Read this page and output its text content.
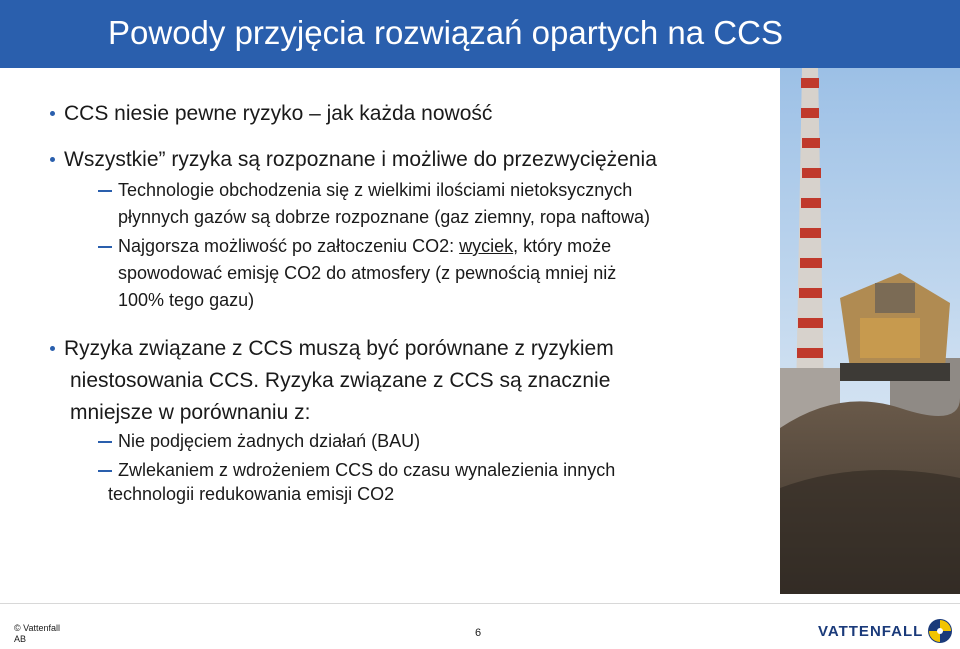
Powody przyjęcia rozwiązań opartych na CCS
CCS niesie pewne ryzyko – jak każda nowość
Wszystkie” ryzyka są rozpoznane i możliwe do przezwyciężenia
Technologie obchodzenia się z wielkimi ilościami nietoksycznych
płynnych gazów są dobrze rozpoznane (gaz ziemny, ropa naftowa)
Najgorsza możliwość po załtoczeniu CO2: wyciek, który może
spowodować emisję CO2 do atmosfery (z pewnością mniej niż
100% tego gazu)
Ryzyka związane z CCS muszą być porównane z ryzykiem
niestosowania CCS. Ryzyka związane z CCS są znacznie
mniejsze w porównaniu z:
Nie podjęciem żadnych działań (BAU)
Zwlekaniem z wdrożeniem CCS do czasu wynalezienia innych
technologii redukowania emisji CO2
© Vattenfall
AB	6	VATTENFALL
